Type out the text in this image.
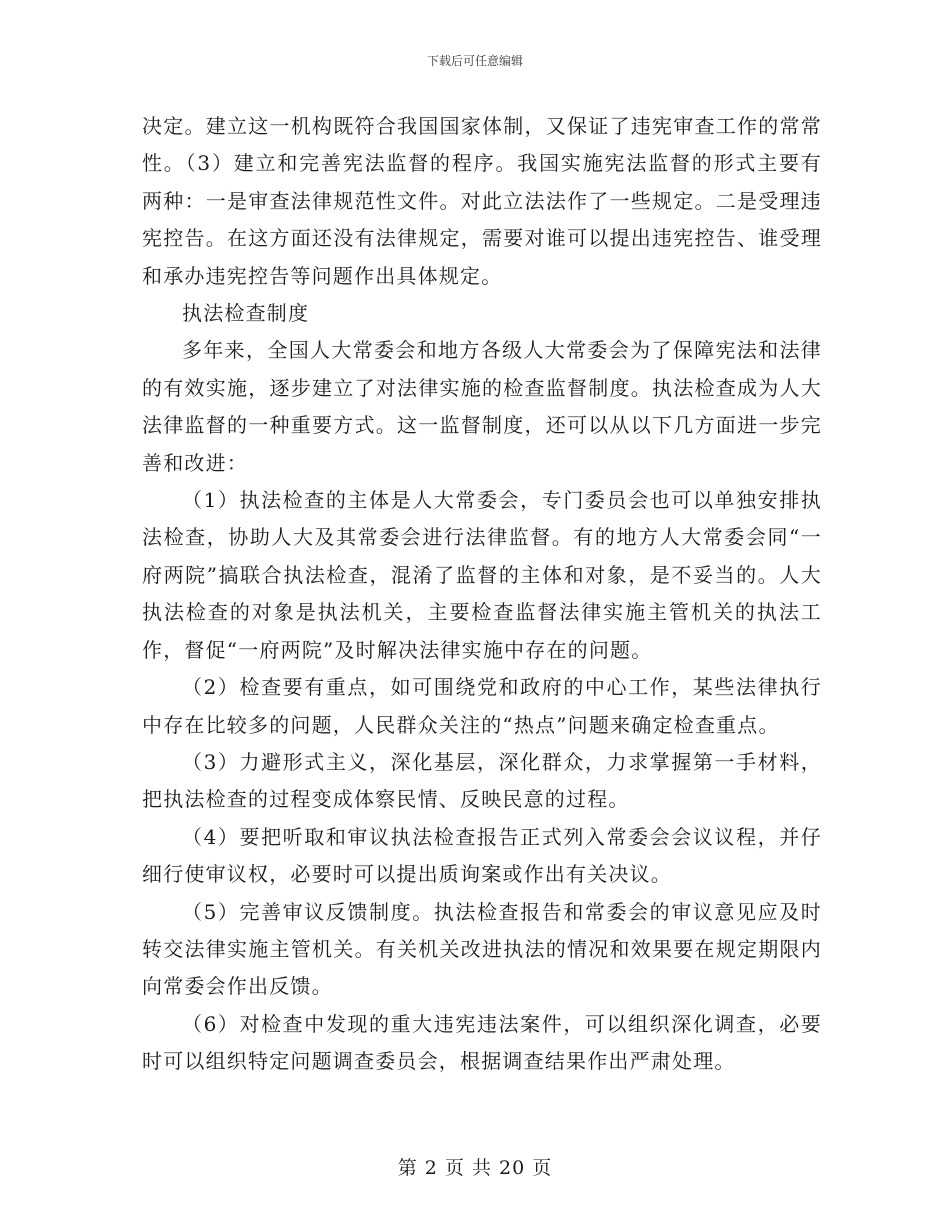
下载后可任意编辑

决定。建立这一机构既符合我国国家体制，又保证了违宪审查工作的常常性。（3）建立和完善宪法监督的程序。我国实施宪法监督的形式主要有两种：一是审查法律规范性文件。对此立法法作了一些规定。二是受理违宪控告。在这方面还没有法律规定，需要对谁可以提出违宪控告、谁受理和承办违宪控告等问题作出具体规定。

执法检查制度

多年来，全国人大常委会和地方各级人大常委会为了保障宪法和法律的有效实施，逐步建立了对法律实施的检查监督制度。执法检查成为人大法律监督的一种重要方式。这一监督制度，还可以从以下几方面进一步完善和改进：

（1）执法检查的主体是人大常委会，专门委员会也可以单独安排执法检查，协助人大及其常委会进行法律监督。有的地方人大常委会同“一府两院”搞联合执法检查，混淆了监督的主体和对象，是不妥当的。人大执法检查的对象是执法机关，主要检查监督法律实施主管机关的执法工作，督促“一府两院”及时解决法律实施中存在的问题。

（2）检查要有重点，如可围绕党和政府的中心工作，某些法律执行中存在比较多的问题，人民群众关注的“热点”问题来确定检查重点。

（3）力避形式主义，深化基层，深化群众，力求掌握第一手材料，把执法检查的过程变成体察民情、反映民意的过程。

（4）要把听取和审议执法检查报告正式列入常委会会议议程，并仔细行使审议权，必要时可以提出质询案或作出有关决议。

（5）完善审议反馈制度。执法检查报告和常委会的审议意见应及时转交法律实施主管机关。有关机关改进执法的情况和效果要在规定期限内向常委会作出反馈。

（6）对检查中发现的重大违宪违法案件，可以组织深化调查，必要时可以组织特定问题调查委员会，根据调查结果作出严肃处理。

第 2 页 共 20 页
